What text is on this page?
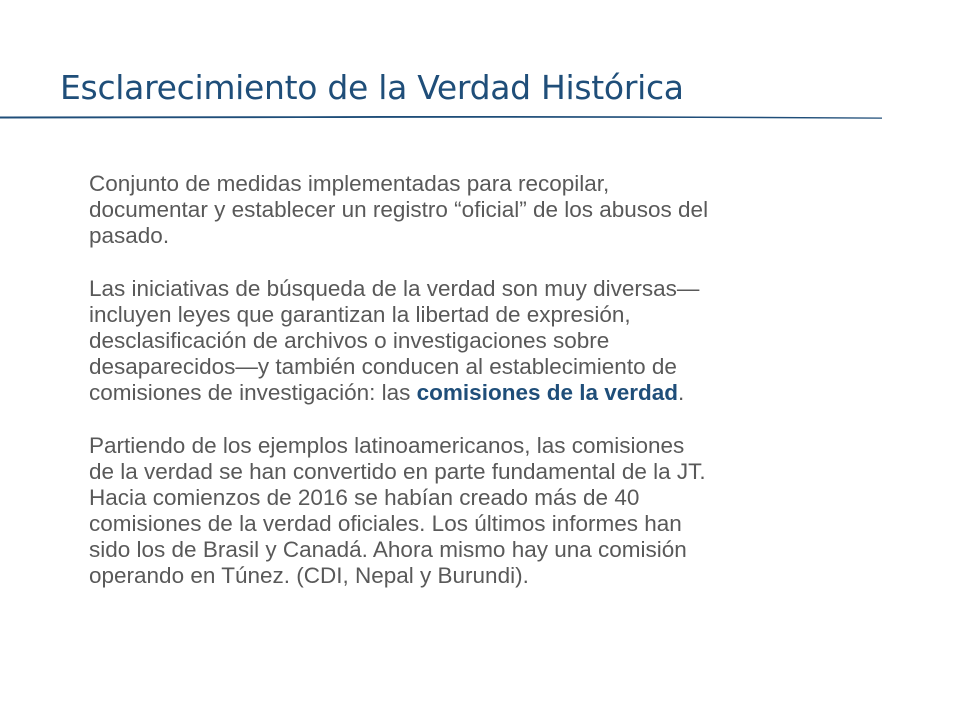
Esclarecimiento de la Verdad Histórica

Conjunto de medidas implementadas para recopilar,
documentar y establecer un registro “oficial” de los abusos del
pasado.

Las iniciativas de búsqueda de la verdad son muy diversas—
incluyen leyes que garantizan la libertad de expresión,
desclasificación de archivos o investigaciones sobre
desaparecidos—y también conducen al establecimiento de
comisiones de investigación: las comisiones de la verdad.

Partiendo de los ejemplos latinoamericanos, las comisiones
de la verdad se han convertido en parte fundamental de la JT.
Hacia comienzos de 2016 se habían creado más de 40
comisiones de la verdad oficiales. Los últimos informes han
sido los de Brasil y Canadá. Ahora mismo hay una comisión
operando en Túnez. (CDI, Nepal y Burundi).
